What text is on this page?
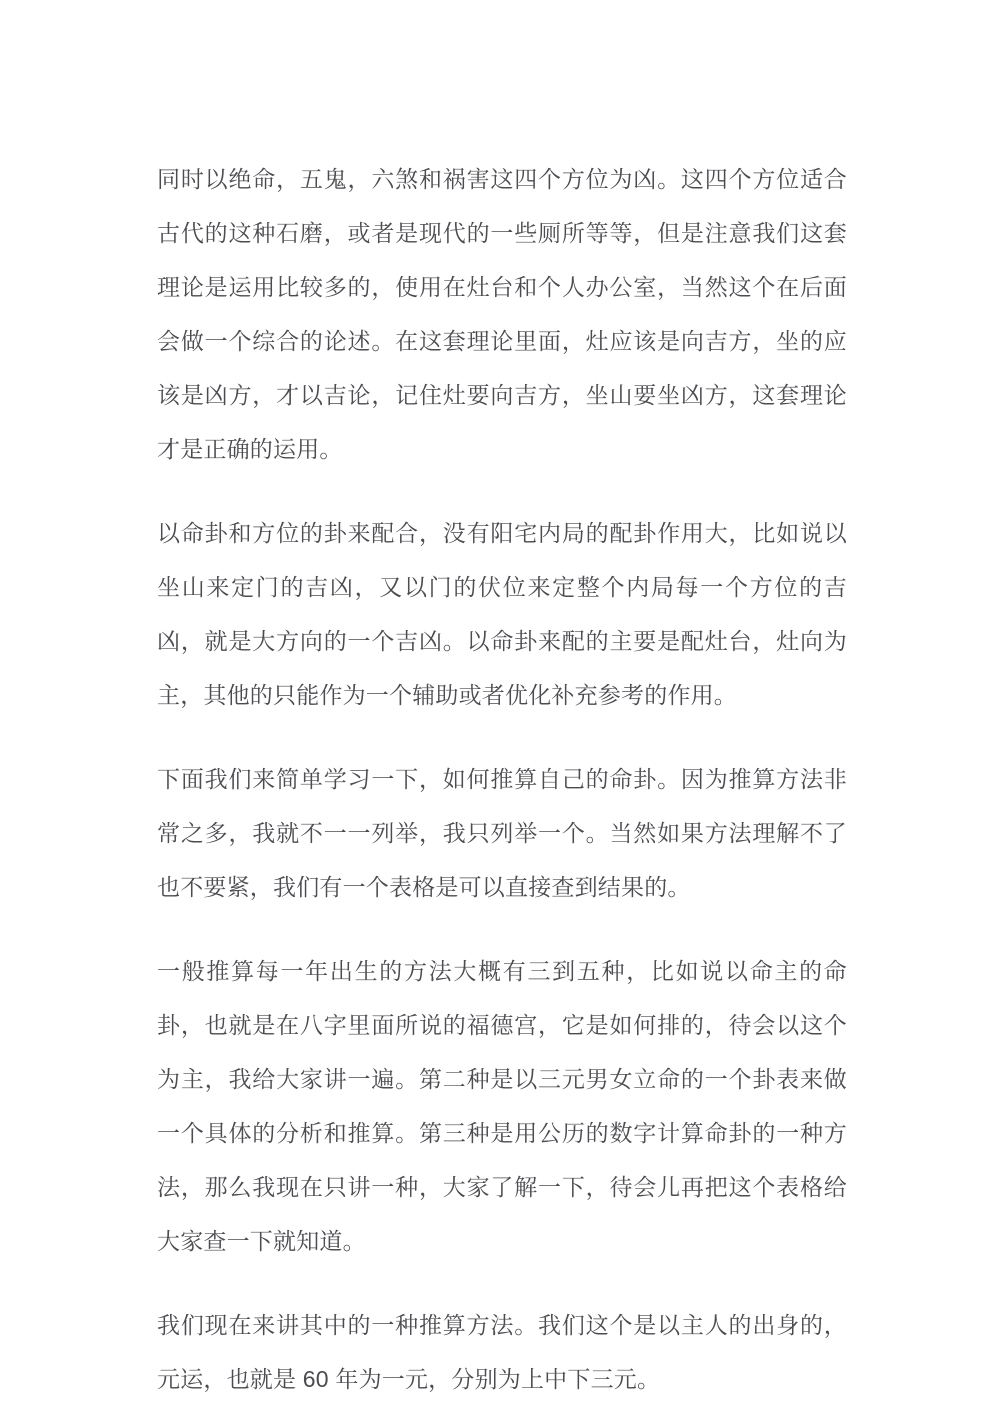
同时以绝命，五鬼，六煞和祸害这四个方位为凶。这四个方位适合古代的这种石磨，或者是现代的一些厕所等等，但是注意我们这套理论是运用比较多的，使用在灶台和个人办公室，当然这个在后面会做一个综合的论述。在这套理论里面，灶应该是向吉方，坐的应该是凶方，才以吉论，记住灶要向吉方，坐山要坐凶方，这套理论才是正确的运用。

以命卦和方位的卦来配合，没有阳宅内局的配卦作用大，比如说以坐山来定门的吉凶，又以门的伏位来定整个内局每一个方位的吉凶，就是大方向的一个吉凶。以命卦来配的主要是配灶台，灶向为主，其他的只能作为一个辅助或者优化补充参考的作用。

下面我们来简单学习一下，如何推算自己的命卦。因为推算方法非常之多，我就不一一列举，我只列举一个。当然如果方法理解不了也不要紧，我们有一个表格是可以直接查到结果的。

一般推算每一年出生的方法大概有三到五种，比如说以命主的命卦，也就是在八字里面所说的福德宫，它是如何排的，待会以这个为主，我给大家讲一遍。第二种是以三元男女立命的一个卦表来做一个具体的分析和推算。第三种是用公历的数字计算命卦的一种方法，那么我现在只讲一种，大家了解一下，待会儿再把这个表格给大家查一下就知道。

我们现在来讲其中的一种推算方法。我们这个是以主人的出身的，元运，也就是 60 年为一元，分别为上中下三元。
